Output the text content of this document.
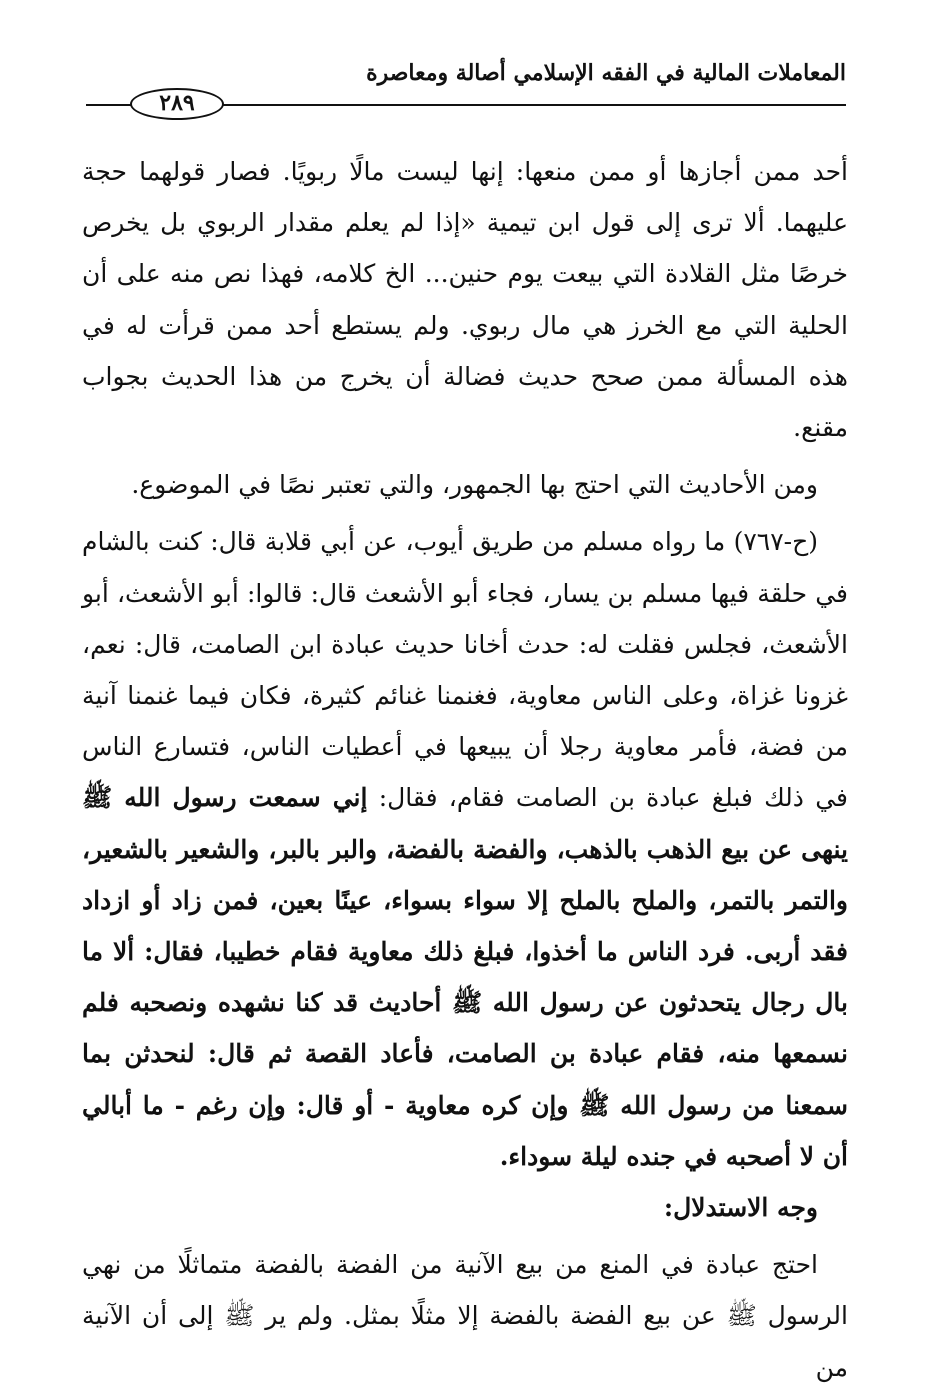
المعاملات المالية في الفقه الإسلامي أصالة ومعاصرة
٢٨٩

أحد ممن أجازها أو ممن منعها: إنها ليست مالًا ربويًا. فصار قولهما حجة عليهما. ألا ترى إلى قول ابن تيمية «إذا لم يعلم مقدار الربوي بل يخرص خرصًا مثل القلادة التي بيعت يوم حنين... الخ كلامه، فهذا نص منه على أن الحلية التي مع الخرز هي مال ربوي. ولم يستطع أحد ممن قرأت له في هذه المسألة ممن صحح حديث فضالة أن يخرج من هذا الحديث بجواب مقنع.

ومن الأحاديث التي احتج بها الجمهور، والتي تعتبر نصًا في الموضوع.

(ح-٧٦٧) ما رواه مسلم من طريق أيوب، عن أبي قلابة قال: كنت بالشام في حلقة فيها مسلم بن يسار، فجاء أبو الأشعث قال: قالوا: أبو الأشعث، أبو الأشعث، فجلس فقلت له: حدث أخانا حديث عبادة ابن الصامت، قال: نعم، غزونا غزاة، وعلى الناس معاوية، فغنمنا غنائم كثيرة، فكان فيما غنمنا آنية من فضة، فأمر معاوية رجلا أن يبيعها في أعطيات الناس، فتسارع الناس في ذلك فبلغ عبادة بن الصامت فقام، فقال: إني سمعت رسول الله ﷺ ينهى عن بيع الذهب بالذهب، والفضة بالفضة، والبر بالبر، والشعير بالشعير، والتمر بالتمر، والملح بالملح إلا سواء بسواء، عينًا بعين، فمن زاد أو ازداد فقد أربى. فرد الناس ما أخذوا، فبلغ ذلك معاوية فقام خطيبا، فقال: ألا ما بال رجال يتحدثون عن رسول الله ﷺ أحاديث قد كنا نشهده ونصحبه فلم نسمعها منه، فقام عبادة بن الصامت، فأعاد القصة ثم قال: لنحدثن بما سمعنا من رسول الله ﷺ وإن كره معاوية - أو قال: وإن رغم - ما أبالي أن لا أصحبه في جنده ليلة سوداء.

وجه الاستدلال:

احتج عبادة في المنع من بيع الآنية من الفضة بالفضة متماثلًا من نهي الرسول ﷺ عن بيع الفضة بالفضة إلا مثلًا بمثل. ولم ير ﷺ إلى أن الآنية من
